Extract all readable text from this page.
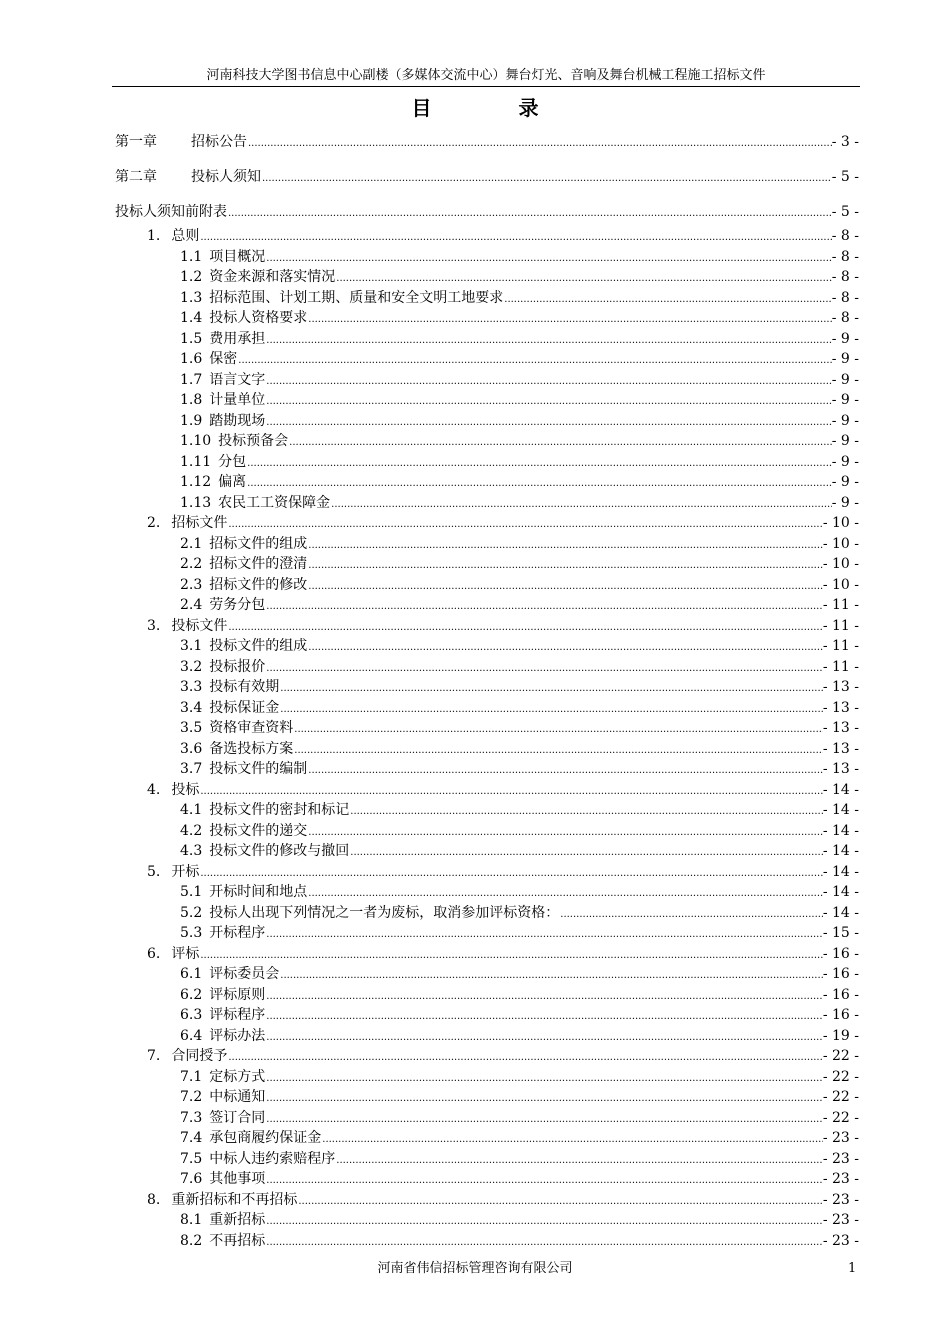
河南科技大学图书信息中心副楼（多媒体交流中心）舞台灯光、音响及舞台机械工程施工招标文件
目 录
第一章 招标公告 .....	- 3 -
第二章 投标人须知 .....	- 5 -
投标人须知前附表 .....	- 5 -
1. 总则 .....	- 8 -
1.1 项目概况 .....	- 8 -
1.2 资金来源和落实情况 .....	- 8 -
1.3 招标范围、计划工期、质量和安全文明工地要求 .....	- 8 -
1.4 投标人资格要求 .....	- 8 -
1.5 费用承担 .....	- 9 -
1.6 保密 .....	- 9 -
1.7 语言文字 .....	- 9 -
1.8 计量单位 .....	- 9 -
1.9 踏勘现场 .....	- 9 -
1.10 投标预备会 .....	- 9 -
1.11 分包 .....	- 9 -
1.12 偏离 .....	- 9 -
1.13 农民工工资保障金 .....	- 9 -
2. 招标文件 .....	- 10 -
2.1 招标文件的组成 .....	- 10 -
2.2 招标文件的澄清 .....	- 10 -
2.3 招标文件的修改 .....	- 10 -
2.4 劳务分包 .....	- 11 -
3. 投标文件 .....	- 11 -
3.1 投标文件的组成 .....	- 11 -
3.2 投标报价 .....	- 11 -
3.3 投标有效期 .....	- 13 -
3.4 投标保证金 .....	- 13 -
3.5 资格审查资料 .....	- 13 -
3.6 备选投标方案 .....	- 13 -
3.7 投标文件的编制 .....	- 13 -
4. 投标 .....	- 14 -
4.1 投标文件的密封和标记 .....	- 14 -
4.2 投标文件的递交 .....	- 14 -
4.3 投标文件的修改与撤回 .....	- 14 -
5. 开标 .....	- 14 -
5.1 开标时间和地点 .....	- 14 -
5.2 投标人出现下列情况之一者为废标，取消参加评标资格： .....	- 14 -
5.3 开标程序 .....	- 15 -
6. 评标 .....	- 16 -
6.1 评标委员会 .....	- 16 -
6.2 评标原则 .....	- 16 -
6.3 评标程序 .....	- 16 -
6.4 评标办法 .....	- 19 -
7. 合同授予 .....	- 22 -
7.1 定标方式 .....	- 22 -
7.2 中标通知 .....	- 22 -
7.3 签订合同 .....	- 22 -
7.4 承包商履约保证金 .....	- 23 -
7.5 中标人违约索赔程序 .....	- 23 -
7.6 其他事项 .....	- 23 -
8. 重新招标和不再招标 .....	- 23 -
8.1 重新招标 .....	- 23 -
8.2 不再招标 .....	- 23 -
河南省伟信招标管理咨询有限公司	1
